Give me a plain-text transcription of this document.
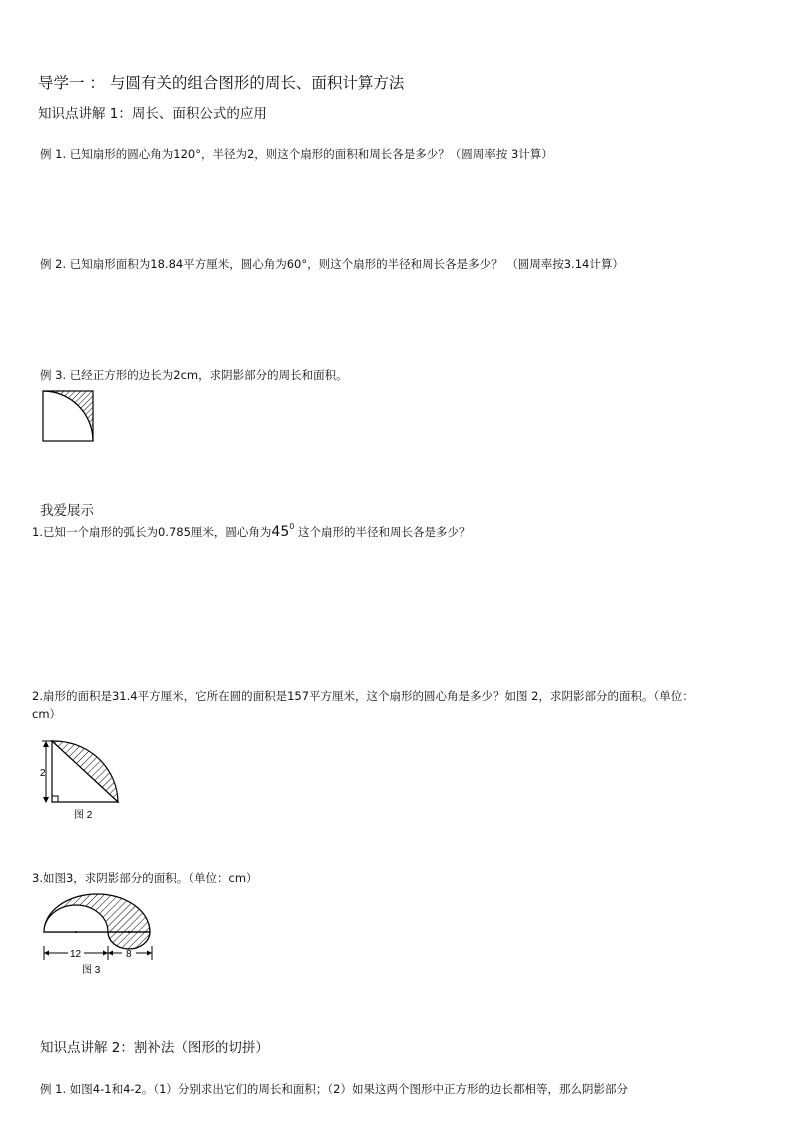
导学一 ： 与圆有关的组合图形的周长、面积计算方法

知识点讲解 1：周长、面积公式的应用

例 1. 已知扇形的圆心角为120°，半径为2，则这个扇形的面积和周长各是多少？（圆周率按 3计算）

例 2. 已知扇形面积为18.84平方厘米，圆心角为60°，则这个扇形的半径和周长各是多少？ （圆周率按3.14计算）

例 3. 已经正方形的边长为2cm，求阴影部分的周长和面积。

我爱展示

1.已知一个扇形的弧长为0.785厘米，圆心角为$45^0$ 这个扇形的半径和周长各是多少？

2.扇形的面积是31.4平方厘米，它所在圆的面积是157平方厘米，这个扇形的圆心角是多少？如图 2，求阴影部分的面积。（单位：

cm）

2
图 2

3.如图3，求阴影部分的面积。（单位：cm）

12	8
图 3

知识点讲解 2：割补法（图形的切拼）

例 1. 如图4-1和4-2。（1）分别求出它们的周长和面积；（2）如果这两个图形中正方形的边长都相等，那么阴影部分
